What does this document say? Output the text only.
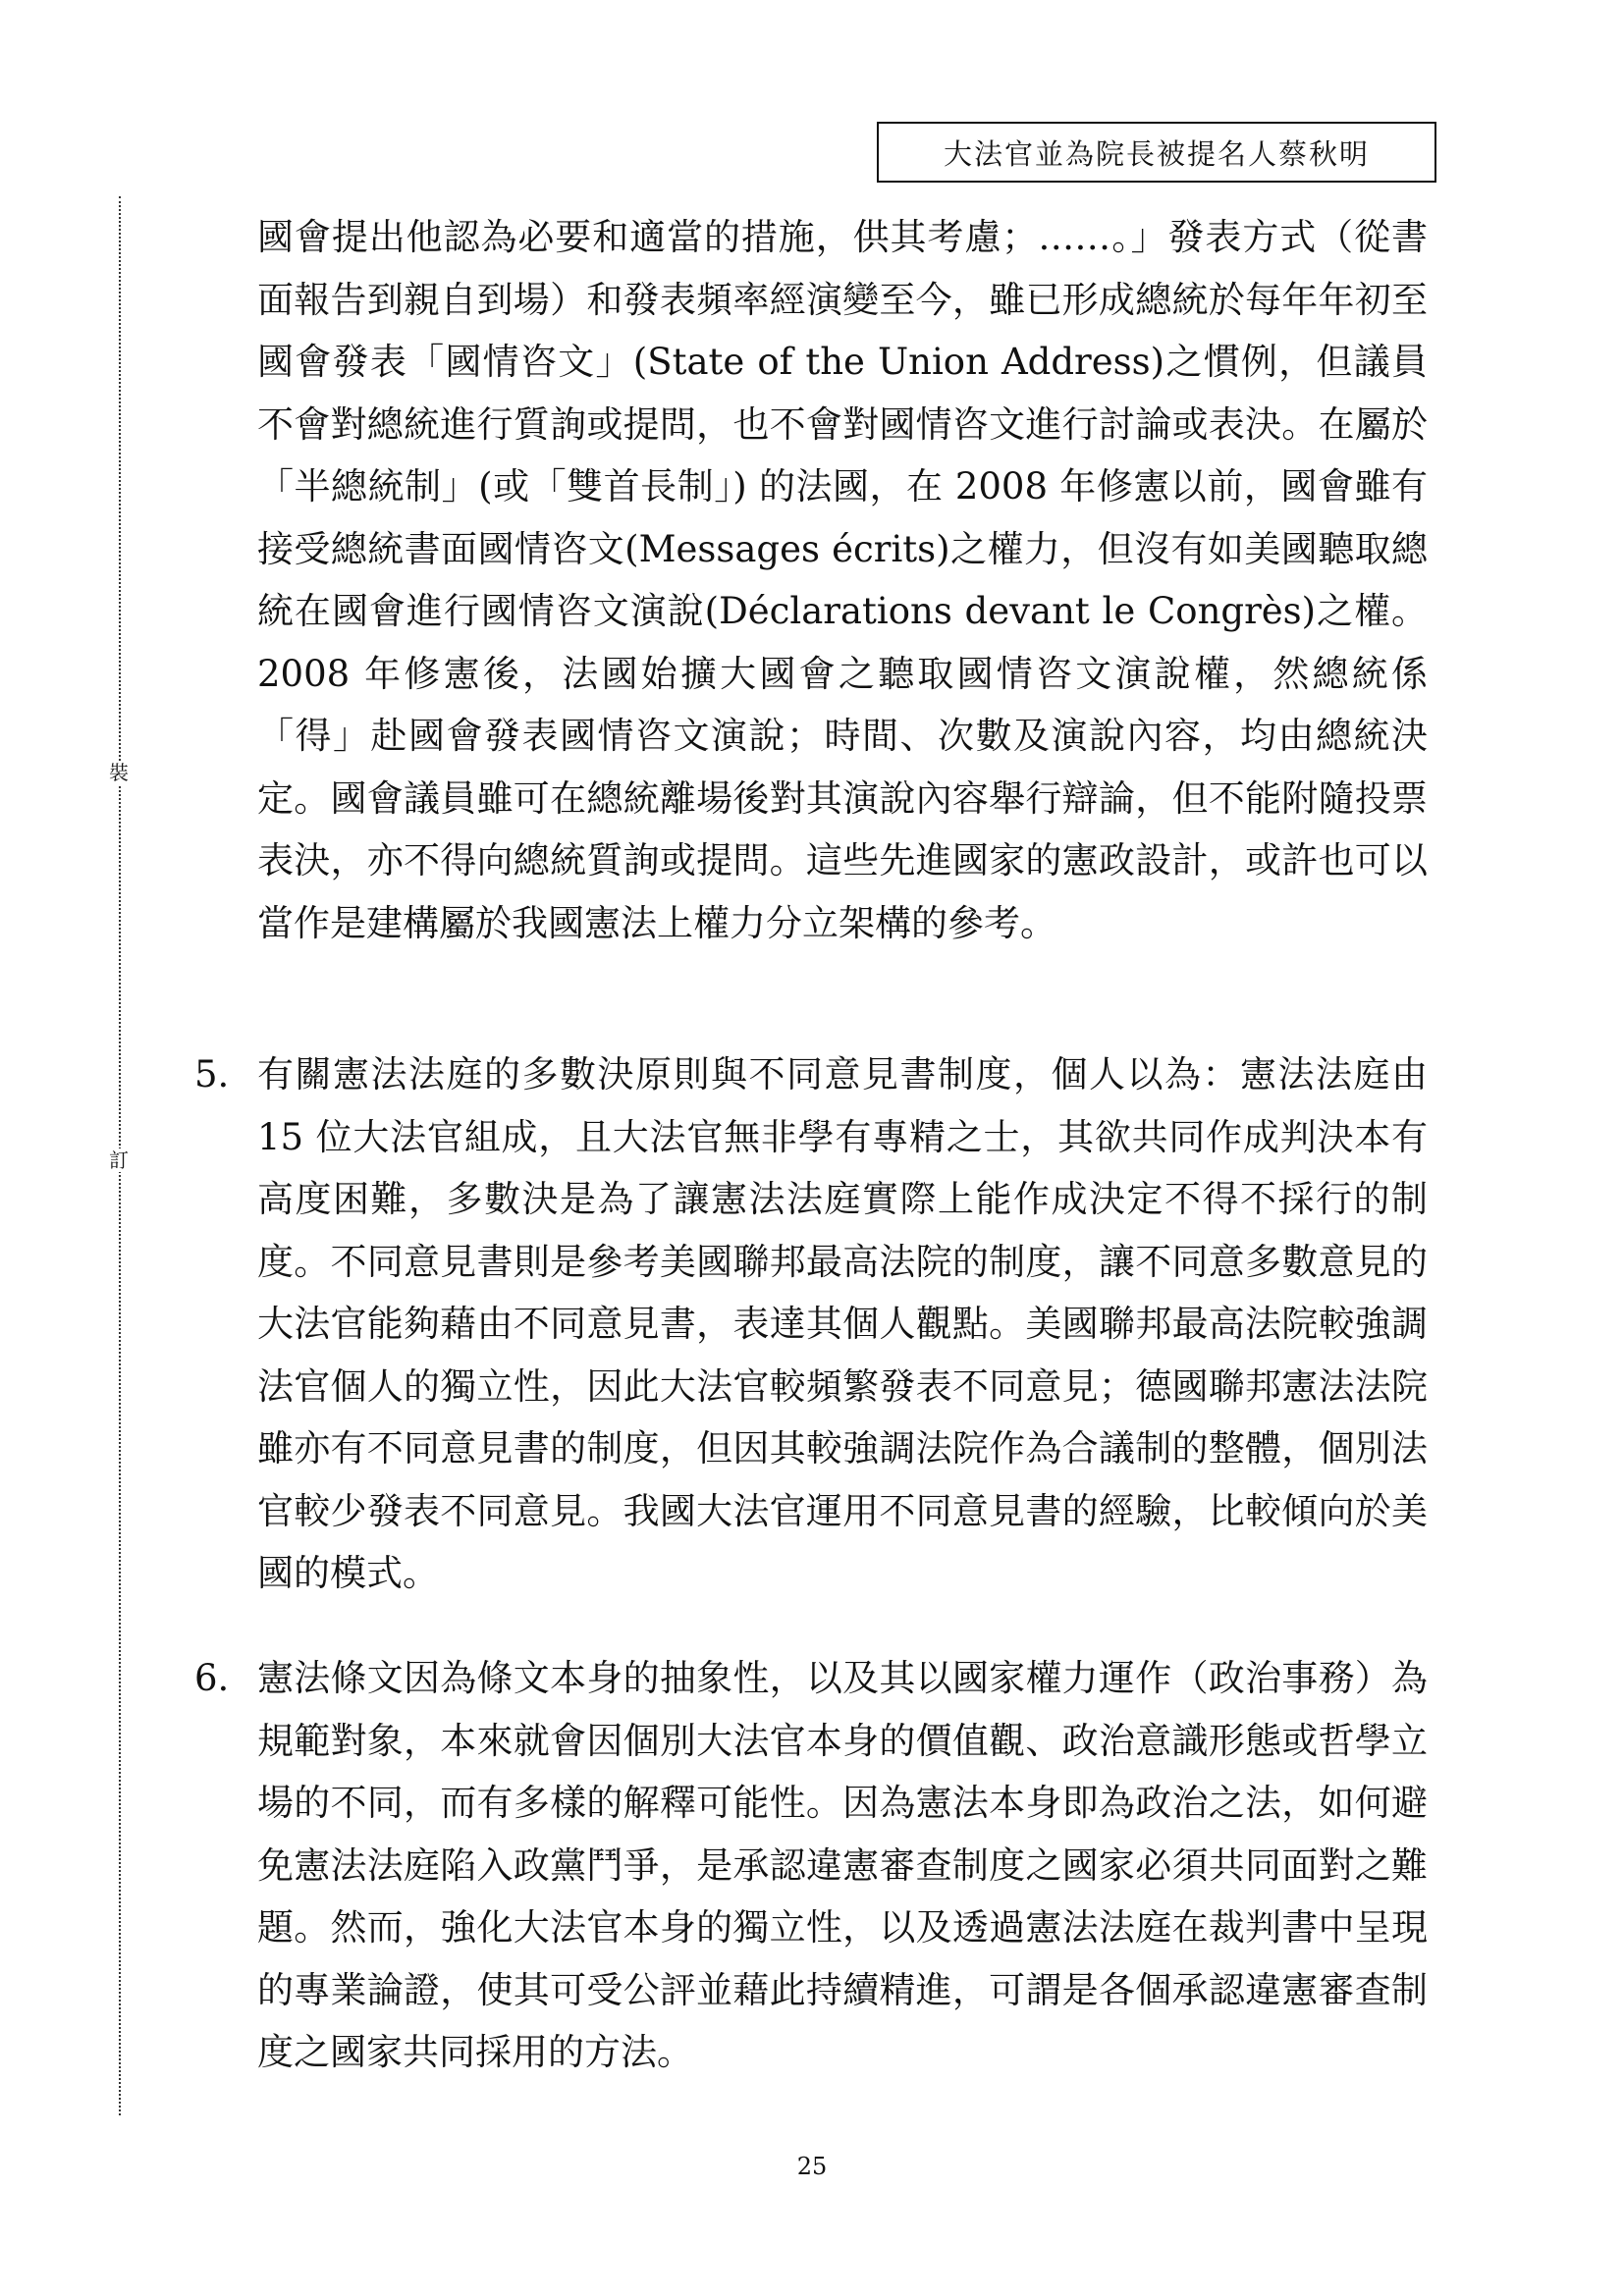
大法官並為院長被提名人蔡秋明
裝
訂
國會提出他認為必要和適當的措施，供其考慮；……。」發表方式（從書面報告到親自到場）和發表頻率經演變至今，雖已形成總統於每年年初至國會發表「國情咨文」(State of the Union Address)之慣例，但議員不會對總統進行質詢或提問，也不會對國情咨文進行討論或表決。在屬於「半總統制」(或「雙首長制」) 的法國，在 2008 年修憲以前，國會雖有接受總統書面國情咨文(Messages écrits)之權力，但沒有如美國聽取總統在國會進行國情咨文演說(Déclarations devant le Congrès)之權。2008 年修憲後，法國始擴大國會之聽取國情咨文演說權，然總統係「得」赴國會發表國情咨文演說；時間、次數及演說內容，均由總統決定。國會議員雖可在總統離場後對其演說內容舉行辯論，但不能附隨投票表決，亦不得向總統質詢或提問。這些先進國家的憲政設計，或許也可以當作是建構屬於我國憲法上權力分立架構的參考。
5. 有關憲法法庭的多數決原則與不同意見書制度，個人以為：憲法法庭由 15 位大法官組成，且大法官無非學有專精之士，其欲共同作成判決本有高度困難，多數決是為了讓憲法法庭實際上能作成決定不得不採行的制度。不同意見書則是參考美國聯邦最高法院的制度，讓不同意多數意見的大法官能夠藉由不同意見書，表達其個人觀點。美國聯邦最高法院較強調法官個人的獨立性，因此大法官較頻繁發表不同意見；德國聯邦憲法法院雖亦有不同意見書的制度，但因其較強調法院作為合議制的整體，個別法官較少發表不同意見。我國大法官運用不同意見書的經驗，比較傾向於美國的模式。
6. 憲法條文因為條文本身的抽象性，以及其以國家權力運作（政治事務）為規範對象，本來就會因個別大法官本身的價值觀、政治意識形態或哲學立場的不同，而有多樣的解釋可能性。因為憲法本身即為政治之法，如何避免憲法法庭陷入政黨鬥爭，是承認違憲審查制度之國家必須共同面對之難題。然而，強化大法官本身的獨立性，以及透過憲法法庭在裁判書中呈現的專業論證，使其可受公評並藉此持續精進，可謂是各個承認違憲審查制度之國家共同採用的方法。
25
